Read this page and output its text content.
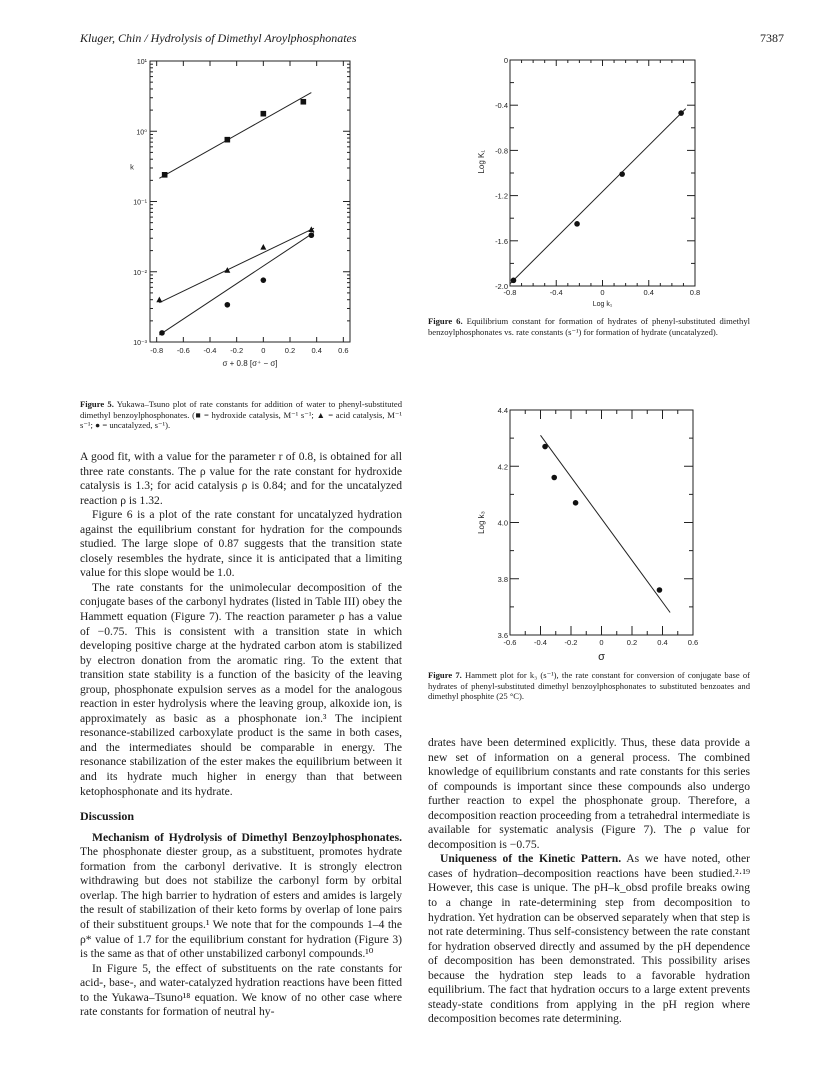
Kluger, Chin / Hydrolysis of Dimethyl Aroylphosphonates	7387
10¹
10⁰
10⁻¹
10⁻²
10⁻³
-0.8 -0.6 -0.4 -0.2 0	0.2 0.4 0.6
σ + 0.8 [σ⁺ − σ]
k
Figure 5. Yukawa–Tsuno plot of rate constants for addition of water to phenyl-substituted dimethyl benzoylphosphonates. (■ = hydroxide catalysis, M⁻¹ s⁻¹; ▲ = acid catalysis, M⁻¹ s⁻¹; ● = uncatalyzed, s⁻¹).
0
-0.4
-0.8
-1.2
-1.6
-2.0
-0.8	-0.4	0	0.4	0.8
Log k₁
Log K₁
Figure 6. Equilibrium constant for formation of hydrates of phenyl-substituted dimethyl benzoylphosphonates vs. rate constants (s⁻¹) for formation of hydrate (uncatalyzed).
4.4
4.2
4.0
3.8
3.6
-0.6 -0.4 -0.2	0	0.2	0.4	0.6
σ
Log k₃
Figure 7. Hammett plot for k₃ (s⁻¹), the rate constant for conversion of conjugate base of hydrates of phenyl-substituted dimethyl benzoylphosphonates to substituted benzoates and dimethyl phosphite (25 °C).

A good fit, with a value for the parameter r of 0.8, is obtained for all three rate constants. The ρ value for the rate constant for hydroxide catalysis is 1.3; for acid catalysis ρ is 0.84; and for the uncatalyzed reaction ρ is 1.32.

Figure 6 is a plot of the rate constant for uncatalyzed hydration against the equilibrium constant for hydration for the compounds studied. The large slope of 0.87 suggests that the transition state closely resembles the hydrate, since it is anticipated that a limiting value for this slope would be 1.0.

The rate constants for the unimolecular decomposition of the conjugate bases of the carbonyl hydrates (listed in Table III) obey the Hammett equation (Figure 7). The reaction parameter ρ has a value of −0.75. This is consistent with a transition state in which developing positive charge at the hydrated carbon atom is stabilized by electron donation from the aromatic ring. To the extent that transition state stability is a function of the basicity of the leaving group, phosphonate expulsion serves as a model for the analogous reaction in ester hydrolysis where the leaving group, alkoxide ion, is approximately as basic as a phosphonate ion.³ The incipient resonance-stabilized carboxylate product is the same in both cases, and the intermediates should be comparable in energy. The resonance stabilization of the ester makes the equilibrium between it and its hydrate much higher in energy than that between ketophosphonate and its hydrate.

Discussion

Mechanism of Hydrolysis of Dimethyl Benzoylphosphonates. The phosphonate diester group, as a substituent, promotes hydrate formation from the carbonyl derivative. It is strongly electron withdrawing but does not stabilize the carbonyl form by orbital overlap. The high barrier to hydration of esters and amides is largely the result of stabilization of their keto forms by overlap of lone pairs of their substituent groups.¹ We note that for the compounds 1–4 the ρ* value of 1.7 for the equilibrium constant for hydration (Figure 3) is the same as that of other unstabilized carbonyl compounds.¹⁰

In Figure 5, the effect of substituents on the rate constants for acid-, base-, and water-catalyzed hydration reactions have been fitted to the Yukawa–Tsuno¹⁸ equation. We know of no other case where rate constants for formation of neutral hy-

drates have been determined explicitly. Thus, these data provide a new set of information on a general process. The combined knowledge of equilibrium constants and rate constants for this series of compounds is important since these compounds also undergo further reaction to expel the phosphonate group. Therefore, a decomposition reaction proceeding from a tetrahedral intermediate is available for systematic analysis (Figure 7). The ρ value for decomposition is −0.75.

Uniqueness of the Kinetic Pattern. As we have noted, other cases of hydration–decomposition reactions have been studied.²·¹⁹ However, this case is unique. The pH–k_obsd profile breaks owing to a change in rate-determining step from decomposition to hydration. Yet hydration can be observed separately when that step is not rate determining. Thus self-consistency between the rate constant for hydration observed directly and assumed by the pH dependence of decomposition has been demonstrated. This possibility arises because the hydration step leads to a favorable hydration equilibrium. The fact that hydration occurs to a large extent prevents steady-state conditions from applying in the pH region where decomposition becomes rate determining.
